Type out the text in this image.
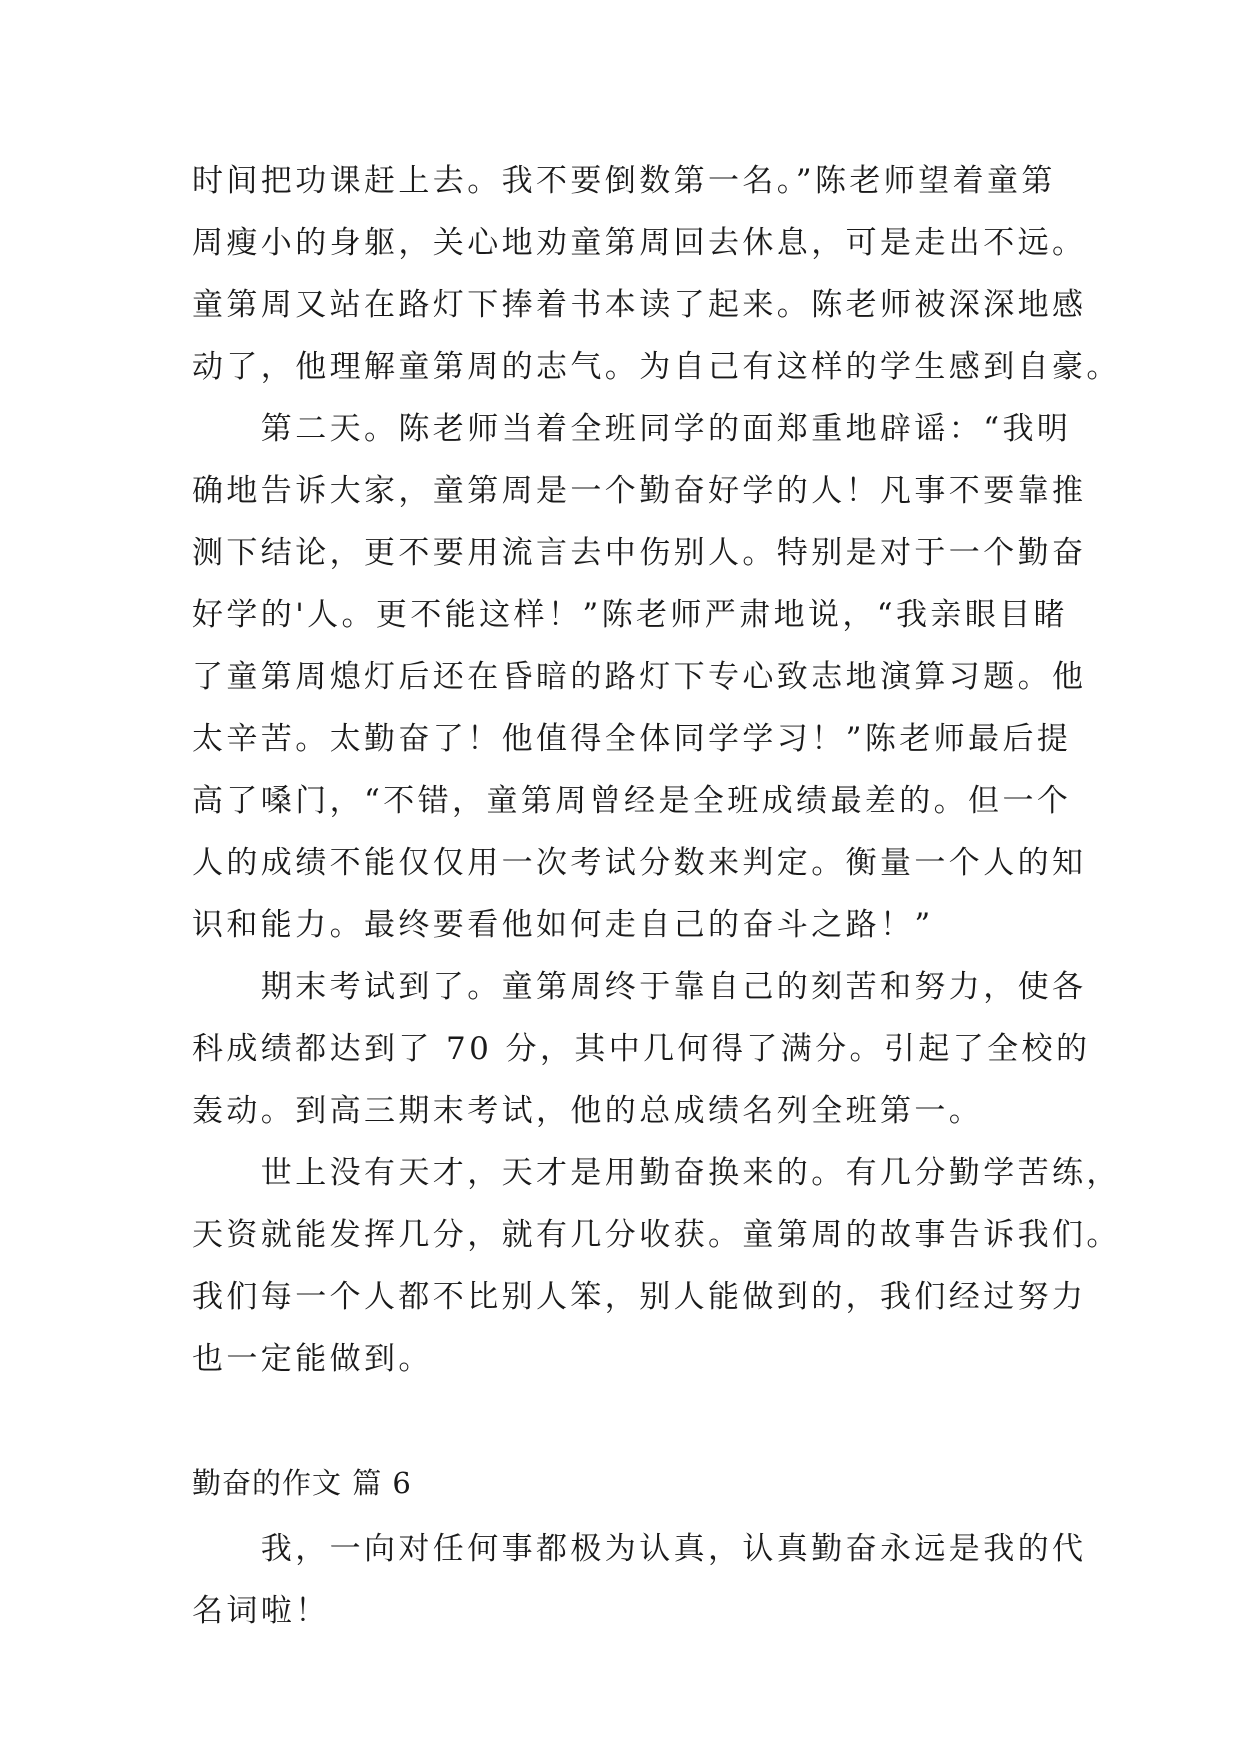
时间把功课赶上去。我不要倒数第一名。”陈老师望着童第
周瘦小的身躯，关心地劝童第周回去休息，可是走出不远。
童第周又站在路灯下捧着书本读了起来。陈老师被深深地感
动了，他理解童第周的志气。为自己有这样的学生感到自豪。
　　第二天。陈老师当着全班同学的面郑重地辟谣：“我明
确地告诉大家，童第周是一个勤奋好学的人！凡事不要靠推
测下结论，更不要用流言去中伤别人。特别是对于一个勤奋
好学的'人。更不能这样！”陈老师严肃地说，“我亲眼目睹
了童第周熄灯后还在昏暗的路灯下专心致志地演算习题。他
太辛苦。太勤奋了！他值得全体同学学习！”陈老师最后提
高了嗓门，“不错，童第周曾经是全班成绩最差的。但一个
人的成绩不能仅仅用一次考试分数来判定。衡量一个人的知
识和能力。最终要看他如何走自己的奋斗之路！”
　　期末考试到了。童第周终于靠自己的刻苦和努力，使各
科成绩都达到了 70 分，其中几何得了满分。引起了全校的
轰动。到高三期末考试，他的总成绩名列全班第一。
　　世上没有天才，天才是用勤奋换来的。有几分勤学苦练，
天资就能发挥几分，就有几分收获。童第周的故事告诉我们。
我们每一个人都不比别人笨，别人能做到的，我们经过努力
也一定能做到。
勤奋的作文 篇 6
　　我，一向对任何事都极为认真，认真勤奋永远是我的代
名词啦！
